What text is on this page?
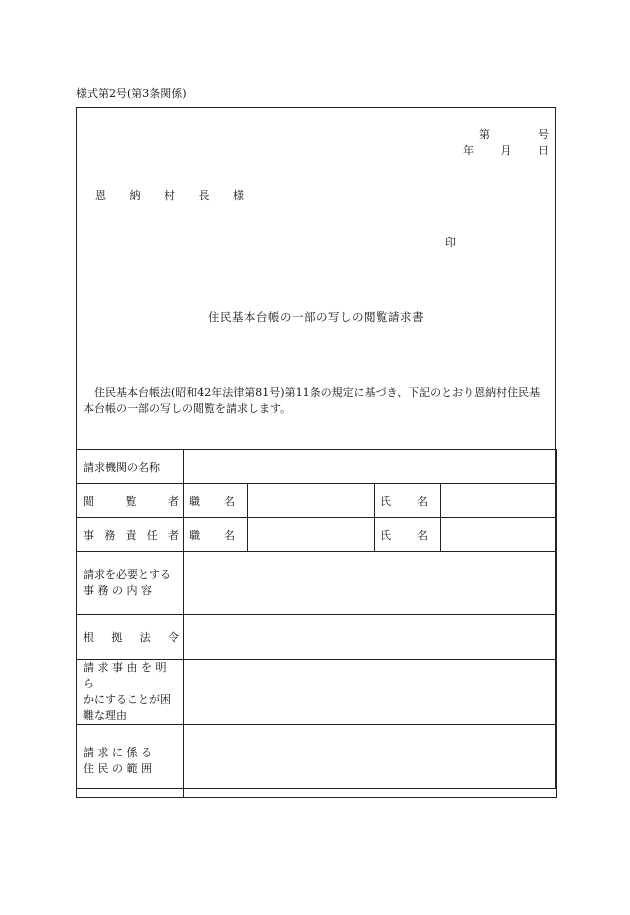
様式第2号(第3条関係)
第	号
年 月 日
恩 納 村 長 様
印
住民基本台帳の一部の写しの閲覧請求書
住民基本台帳法(昭和42年法律第81号)第11条の規定に基づき、下記のとおり恩納村住民基本台帳の一部の写しの閲覧を請求します。
請求機関の名称				

閲 覧 者	職 名		氏 名	

事 務 責 任 者	職 名		氏 名	

請求を必要とする
事 務 の 内 容				

根 拠 法 令				

請 求 事 由 を 明 ら
かにすることが困
難な理由				

請 求 に 係 る
住 民 の 範 囲				
